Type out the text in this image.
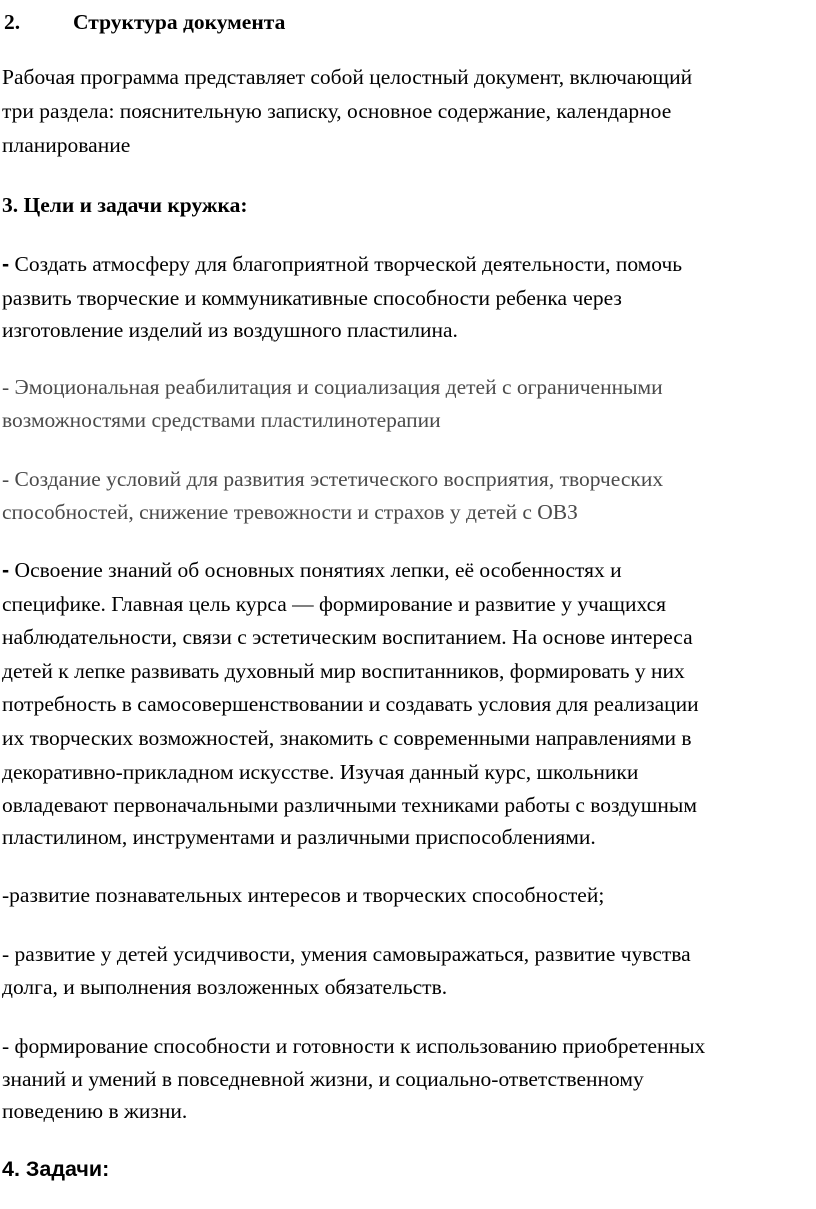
2. Структура документа
Рабочая программа представляет собой целостный документ, включающий
три раздела: пояснительную записку, основное содержание, календарное
планирование
3. Цели и задачи кружка:
- Создать атмосферу для благоприятной творческой деятельности, помочь
развить творческие и коммуникативные способности ребенка через
изготовление изделий из воздушного пластилина.
- Эмоциональная реабилитация и социализация детей с ограниченными
возможностями средствами пластилинотерапии
- Создание условий для развития эстетического восприятия, творческих
способностей, снижение тревожности и страхов у детей с ОВЗ
- Освоение знаний об основных понятиях лепки, её особенностях и
специфике. Главная цель курса — формирование и развитие у учащихся
наблюдательности, связи с эстетическим воспитанием. На основе интереса
детей к лепке развивать духовный мир воспитанников, формировать у них
потребность в самосовершенствовании и создавать условия для реализации
их творческих возможностей, знакомить с современными направлениями в
декоративно-прикладном искусстве. Изучая данный курс, школьники
овладевают первоначальными различными техниками работы с воздушным
пластилином, инструментами и различными приспособлениями.
-развитие познавательных интересов и творческих способностей;
- развитие у детей усидчивости, умения самовыражаться, развитие чувства
долга, и выполнения возложенных обязательств.
- формирование способности и готовности к использованию приобретенных
знаний и умений в повседневной жизни, и социально-ответственному
поведению в жизни.
4. Задачи:
